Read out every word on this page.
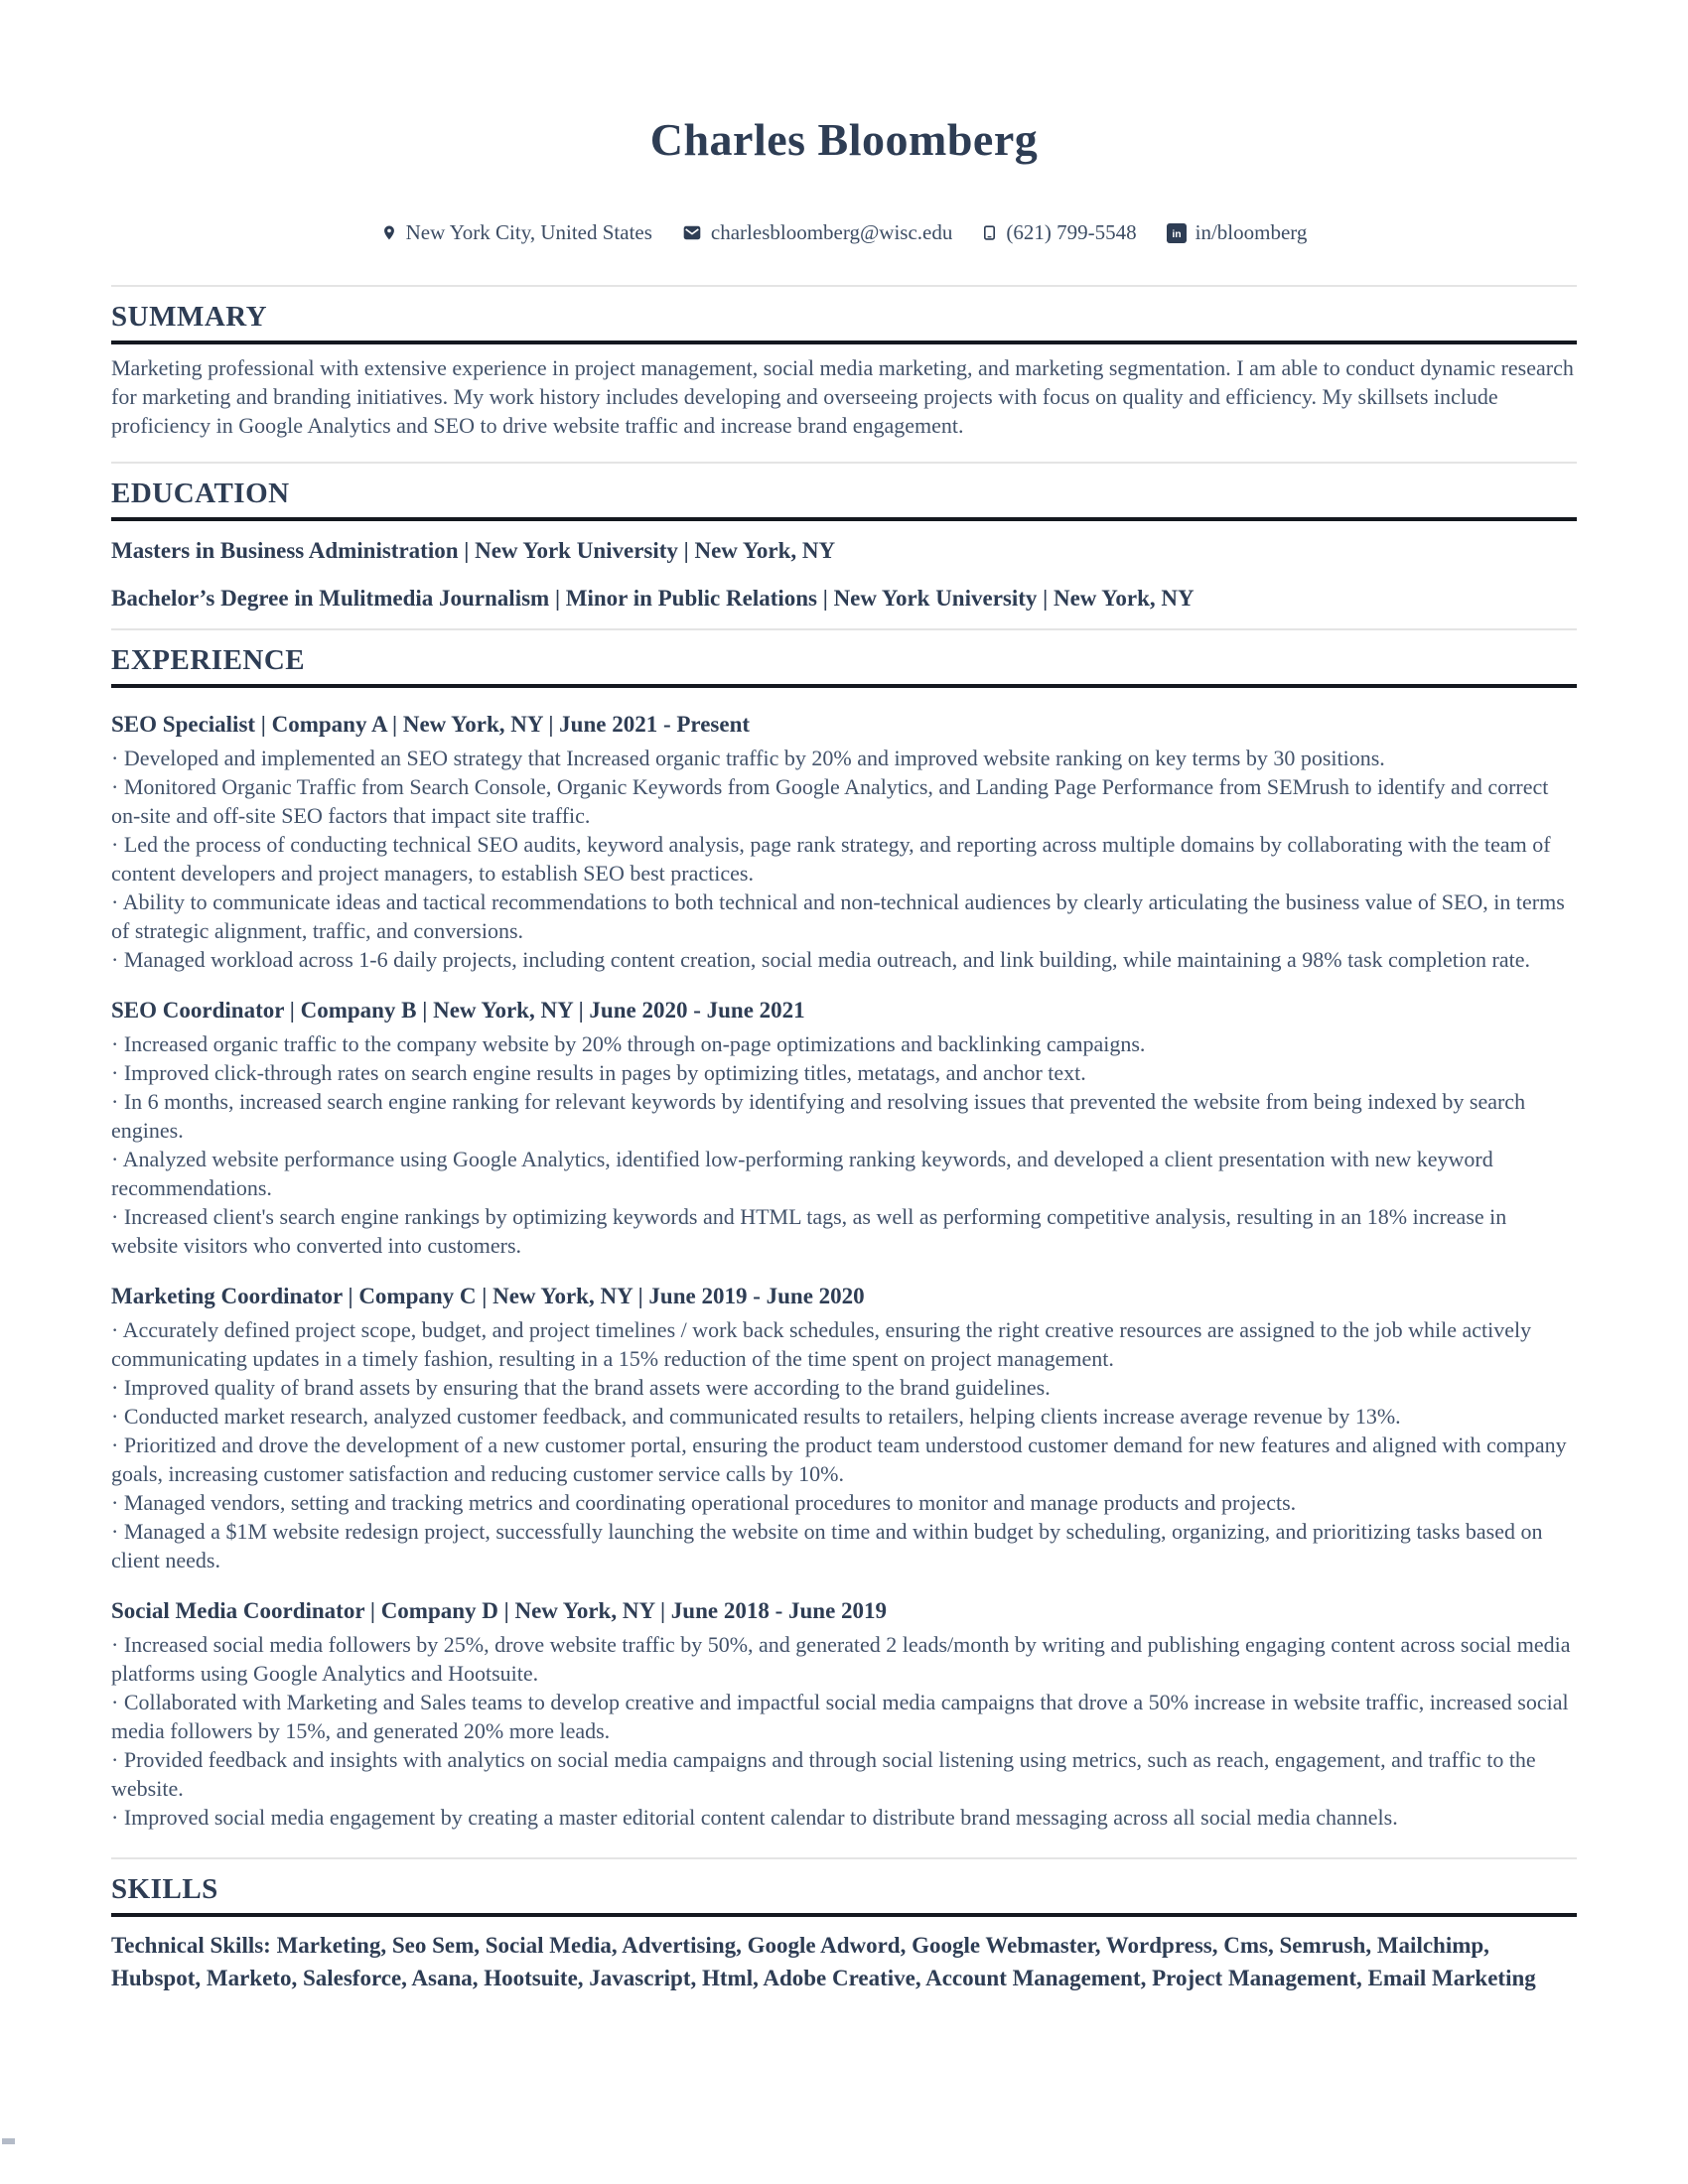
Charles Bloomberg
New York City, United States	charlesbloomberg@wisc.edu	(621) 799-5548	in in/bloomberg
SUMMARY

Marketing professional with extensive experience in project management, social media marketing, and marketing segmentation. I am able to conduct dynamic research for marketing and branding initiatives. My work history includes developing and overseeing projects with focus on quality and efficiency. My skillsets include proficiency in Google Analytics and SEO to drive website traffic and increase brand engagement.

EDUCATION

Masters in Business Administration | New York University | New York, NY

Bachelor’s Degree in Mulitmedia Journalism | Minor in Public Relations | New York University | New York, NY

EXPERIENCE
SEO Specialist | Company A | New York, NY | June 2021 - Present

· Developed and implemented an SEO strategy that Increased organic traffic by 20% and improved website ranking on key terms by 30 positions.

· Monitored Organic Traffic from Search Console, Organic Keywords from Google Analytics, and Landing Page Performance from SEMrush to identify and correct on-site and off-site SEO factors that impact site traffic.

· Led the process of conducting technical SEO audits, keyword analysis, page rank strategy, and reporting across multiple domains by collaborating with the team of content developers and project managers, to establish SEO best practices.

· Ability to communicate ideas and tactical recommendations to both technical and non-technical audiences by clearly articulating the business value of SEO, in terms of strategic alignment, traffic, and conversions.

· Managed workload across 1-6 daily projects, including content creation, social media outreach, and link building, while maintaining a 98% task completion rate.

SEO Coordinator | Company B | New York, NY | June 2020 - June 2021

· Increased organic traffic to the company website by 20% through on-page optimizations and backlinking campaigns.

· Improved click-through rates on search engine results in pages by optimizing titles, metatags, and anchor text.

· In 6 months, increased search engine ranking for relevant keywords by identifying and resolving issues that prevented the website from being indexed by search engines.

· Analyzed website performance using Google Analytics, identified low-performing ranking keywords, and developed a client presentation with new keyword recommendations.

· Increased client's search engine rankings by optimizing keywords and HTML tags, as well as performing competitive analysis, resulting in an 18% increase in website visitors who converted into customers.

Marketing Coordinator | Company C | New York, NY | June 2019 - June 2020

· Accurately defined project scope, budget, and project timelines / work back schedules, ensuring the right creative resources are assigned to the job while actively communicating updates in a timely fashion, resulting in a 15% reduction of the time spent on project management.

· Improved quality of brand assets by ensuring that the brand assets were according to the brand guidelines.

· Conducted market research, analyzed customer feedback, and communicated results to retailers, helping clients increase average revenue by 13%.

· Prioritized and drove the development of a new customer portal, ensuring the product team understood customer demand for new features and aligned with company goals, increasing customer satisfaction and reducing customer service calls by 10%.

· Managed vendors, setting and tracking metrics and coordinating operational procedures to monitor and manage products and projects.

· Managed a $1M website redesign project, successfully launching the website on time and within budget by scheduling, organizing, and prioritizing tasks based on client needs.

Social Media Coordinator | Company D | New York, NY | June 2018 - June 2019

· Increased social media followers by 25%, drove website traffic by 50%, and generated 2 leads/month by writing and publishing engaging content across social media platforms using Google Analytics and Hootsuite.

· Collaborated with Marketing and Sales teams to develop creative and impactful social media campaigns that drove a 50% increase in website traffic, increased social media followers by 15%, and generated 20% more leads.

· Provided feedback and insights with analytics on social media campaigns and through social listening using metrics, such as reach, engagement, and traffic to the website.

· Improved social media engagement by creating a master editorial content calendar to distribute brand messaging across all social media channels.

SKILLS

Technical Skills: Marketing, Seo Sem, Social Media, Advertising, Google Adword, Google Webmaster, Wordpress, Cms, Semrush, Mailchimp, Hubspot, Marketo, Salesforce, Asana, Hootsuite, Javascript, Html, Adobe Creative, Account Management, Project Management, Email Marketing
